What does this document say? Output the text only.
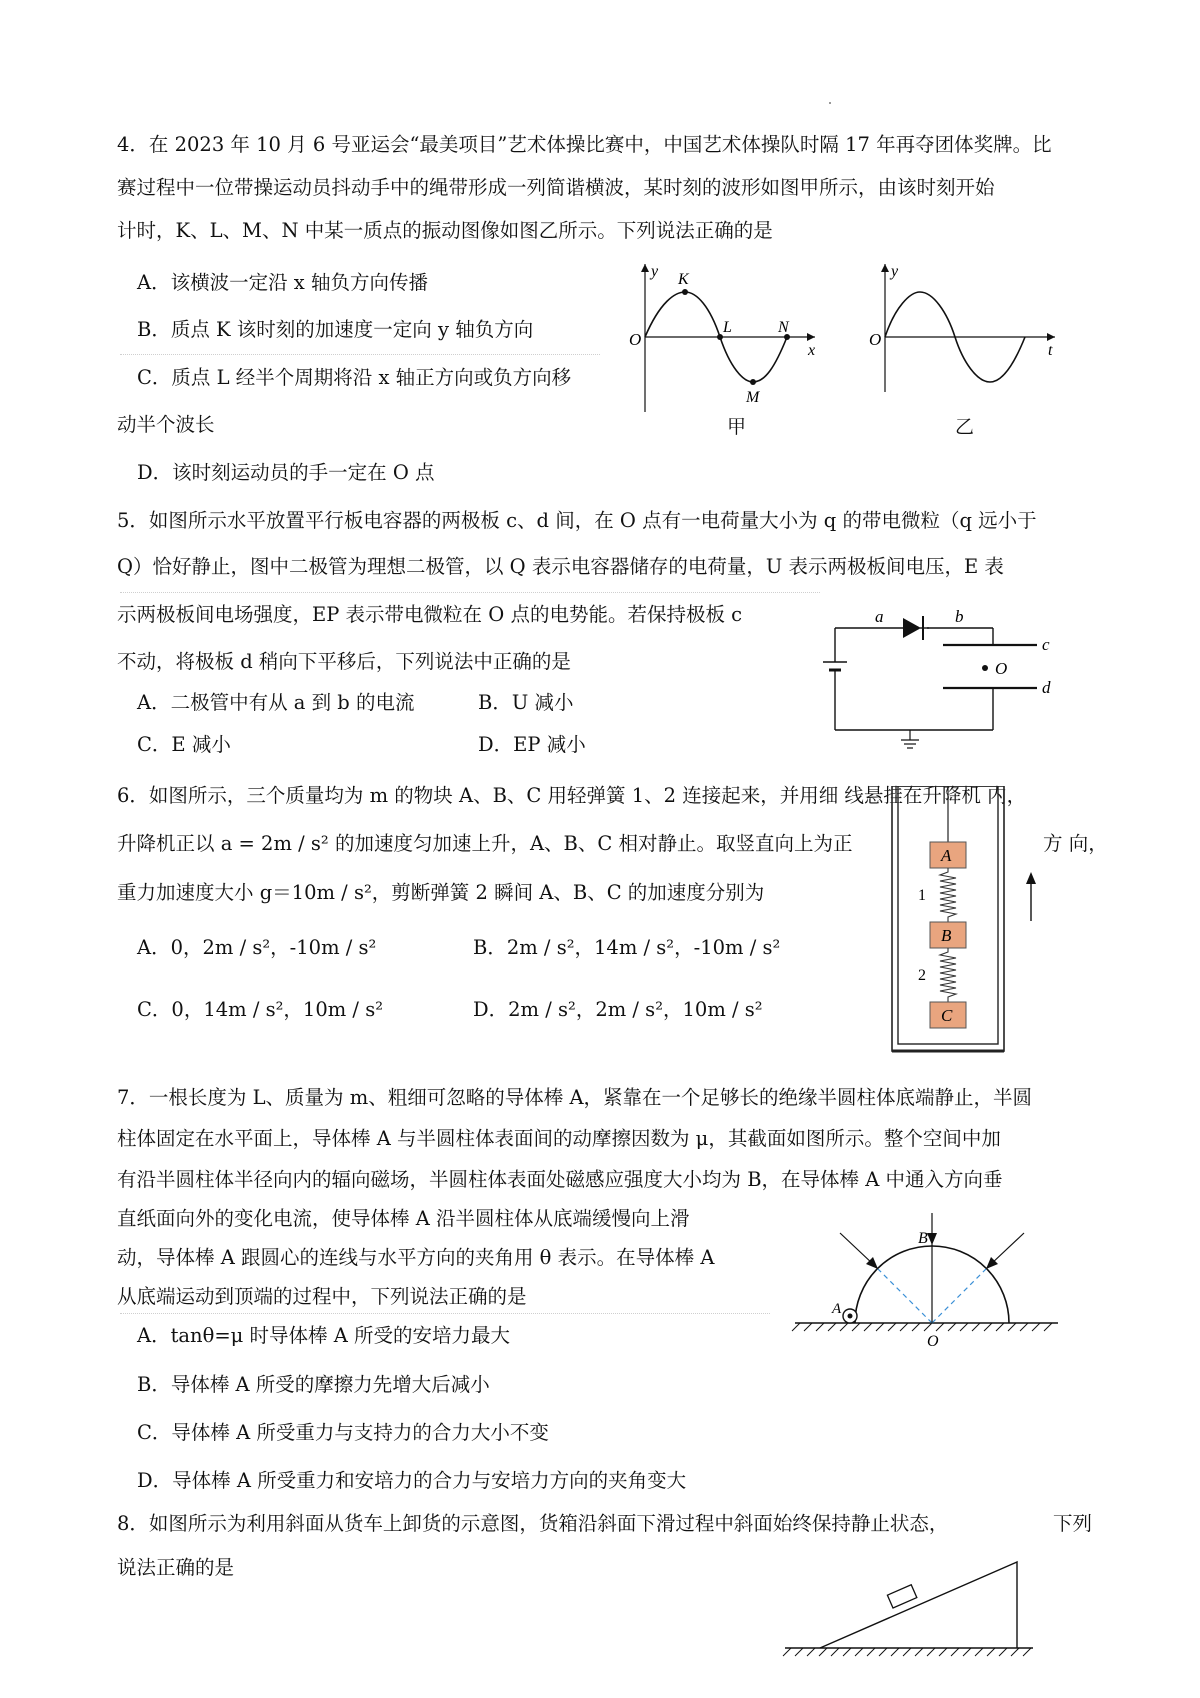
4．在 2023 年 10 月 6 号亚运会“最美项目”艺术体操比赛中，中国艺术体操队时隔 17 年再夺团体奖牌。比
赛过程中一位带操运动员抖动手中的绳带形成一列简谐横波，某时刻的波形如图甲所示，由该时刻开始
计时，K、L、M、N 中某一质点的振动图像如图乙所示。下列说法正确的是
A．该横波一定沿 x 轴负方向传播
B．质点 K 该时刻的加速度一定向 y 轴负方向
C．质点 L 经半个周期将沿 x 轴正方向或负方向移
动半个波长
D．该时刻运动员的手一定在 O 点
O
y
x
K
L
M
N
甲
O
y
t
乙
5．如图所示水平放置平行板电容器的两极板 c、d 间，在 O 点有一电荷量大小为 q 的带电微粒（q 远小于
Q）恰好静止，图中二极管为理想二极管，以 Q 表示电容器储存的电荷量，U 表示两极板间电压，E 表
示两极板间电场强度，EP 表示带电微粒在 O 点的电势能。若保持极板 c
不动，将极板 d 稍向下平移后，下列说法中正确的是
A．二极管中有从 a 到 b 的电流	B．U 减小
C．E 减小	D．EP 减小
a	b
c
d
O
6．如图所示，三个质量均为 m 的物块 A、B、C 用轻弹簧 1、2 连接起来，并用细 线悬挂在升降机 内，
升降机正以 a = 2m / s² 的加速度匀加速上升，A、B、C 相对静止。取竖直向上为正	方 向，
重力加速度大小 g＝10m / s²，剪断弹簧 2 瞬间 A、B、C 的加速度分别为
A．0，2m / s²，-10m / s²	B．2m / s²，14m / s²，-10m / s²
C．0，14m / s²，10m / s²	D．2m / s²，2m / s²，10m / s²
A
B
C
1
2
7．一根长度为 L、质量为 m、粗细可忽略的导体棒 A，紧靠在一个足够长的绝缘半圆柱体底端静止，半圆
柱体固定在水平面上，导体棒 A 与半圆柱体表面间的动摩擦因数为 μ，其截面如图所示。整个空间中加
有沿半圆柱体半径向内的辐向磁场，半圆柱体表面处磁感应强度大小均为 B，在导体棒 A 中通入方向垂
直纸面向外的变化电流，使导体棒 A 沿半圆柱体从底端缓慢向上滑
动，导体棒 A 跟圆心的连线与水平方向的夹角用 θ 表示。在导体棒 A
从底端运动到顶端的过程中，下列说法正确的是
A．tanθ=μ 时导体棒 A 所受的安培力最大
B．导体棒 A 所受的摩擦力先增大后减小
C．导体棒 A 所受重力与支持力的合力大小不变
D．导体棒 A 所受重力和安培力的合力与安培力方向的夹角变大
B
A
O
8．如图所示为利用斜面从货车上卸货的示意图，货箱沿斜面下滑过程中斜面始终保持静止状态，	下列
说法正确的是
